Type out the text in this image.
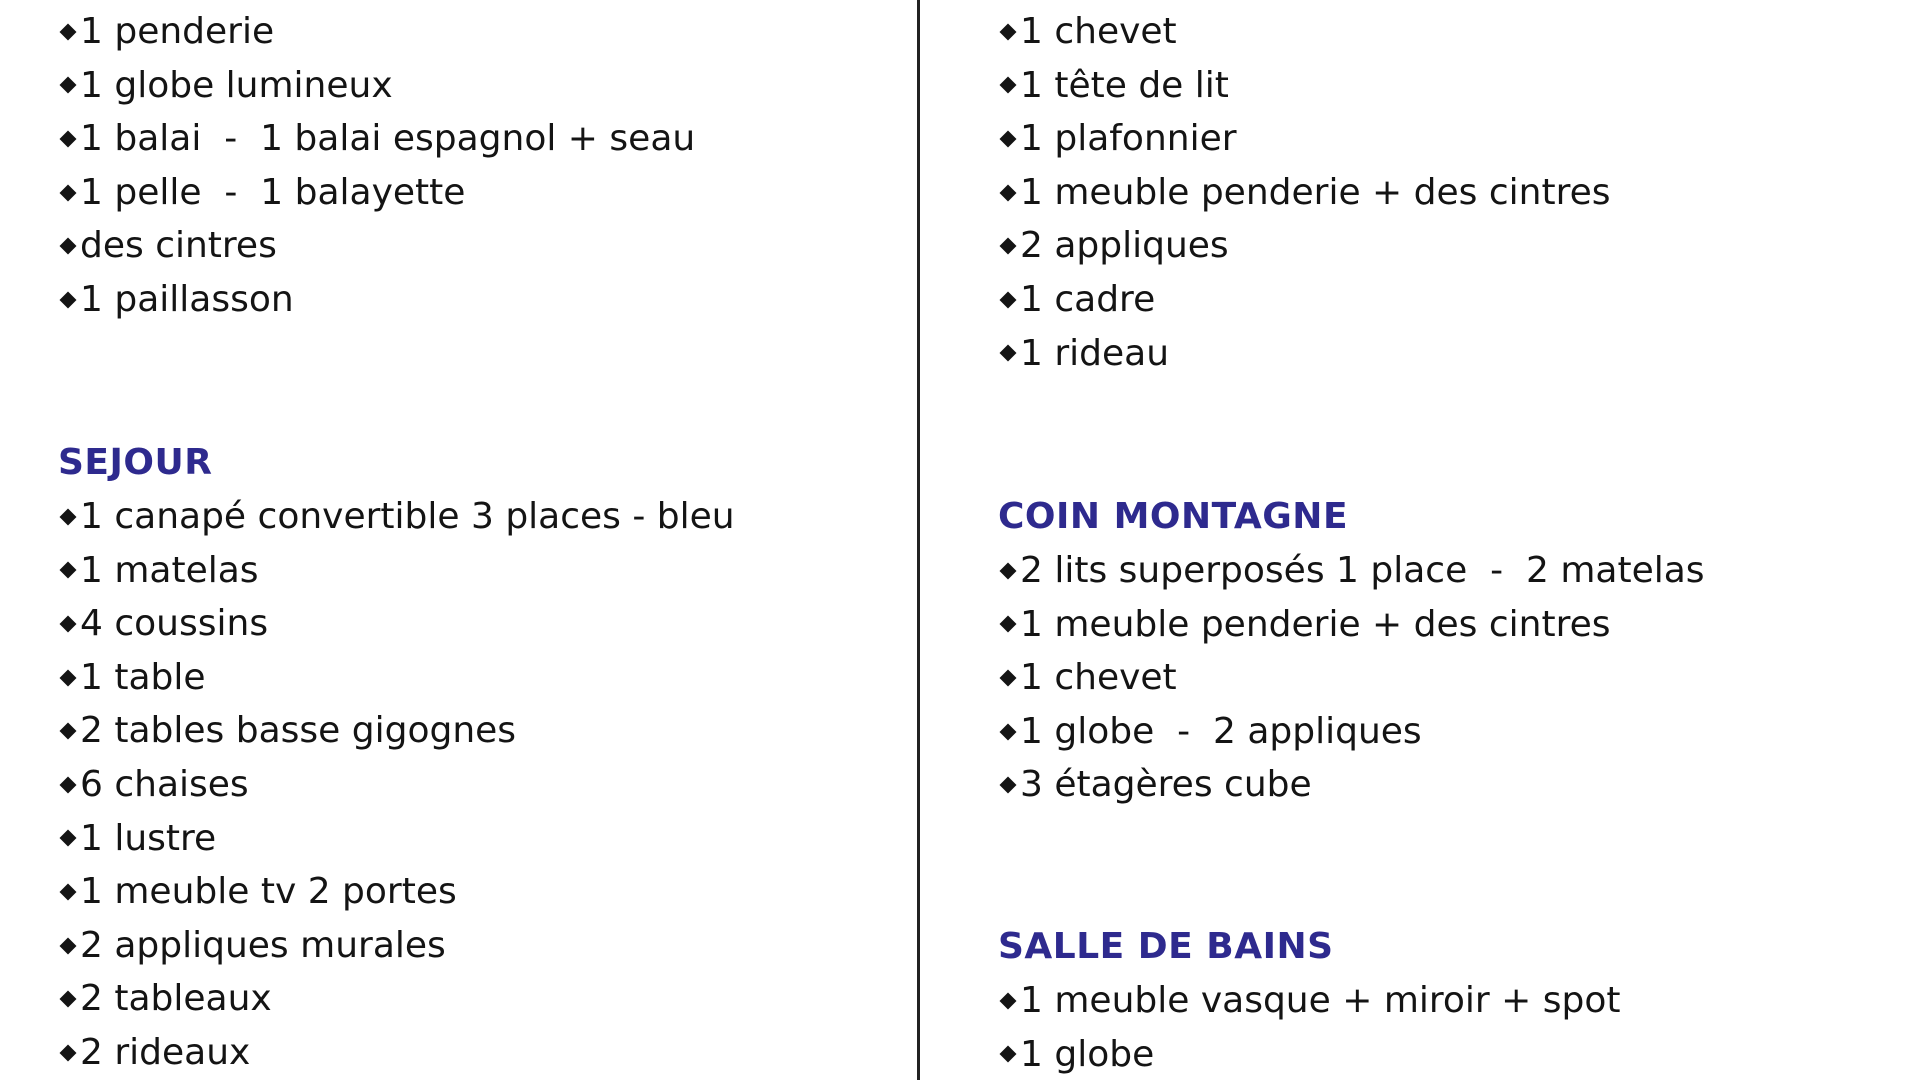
1 penderie
1 globe lumineux
1 balai  -  1 balai espagnol + seau
1 pelle  -  1 balayette
des cintres
1 paillasson
SEJOUR
1 canapé convertible 3 places - bleu
1 matelas
4 coussins
1 table
2 tables basse gigognes
6 chaises
1 lustre
1 meuble tv 2 portes
2 appliques murales
2 tableaux
2 rideaux
1 chevet
1 tête de lit
1 plafonnier
1 meuble penderie + des cintres
2 appliques
1 cadre
1 rideau
COIN MONTAGNE
2 lits superposés 1 place  -  2 matelas
1 meuble penderie + des cintres
1 chevet
1 globe  -  2 appliques
3 étagères cube
SALLE DE BAINS
1 meuble vasque + miroir + spot
1 globe
